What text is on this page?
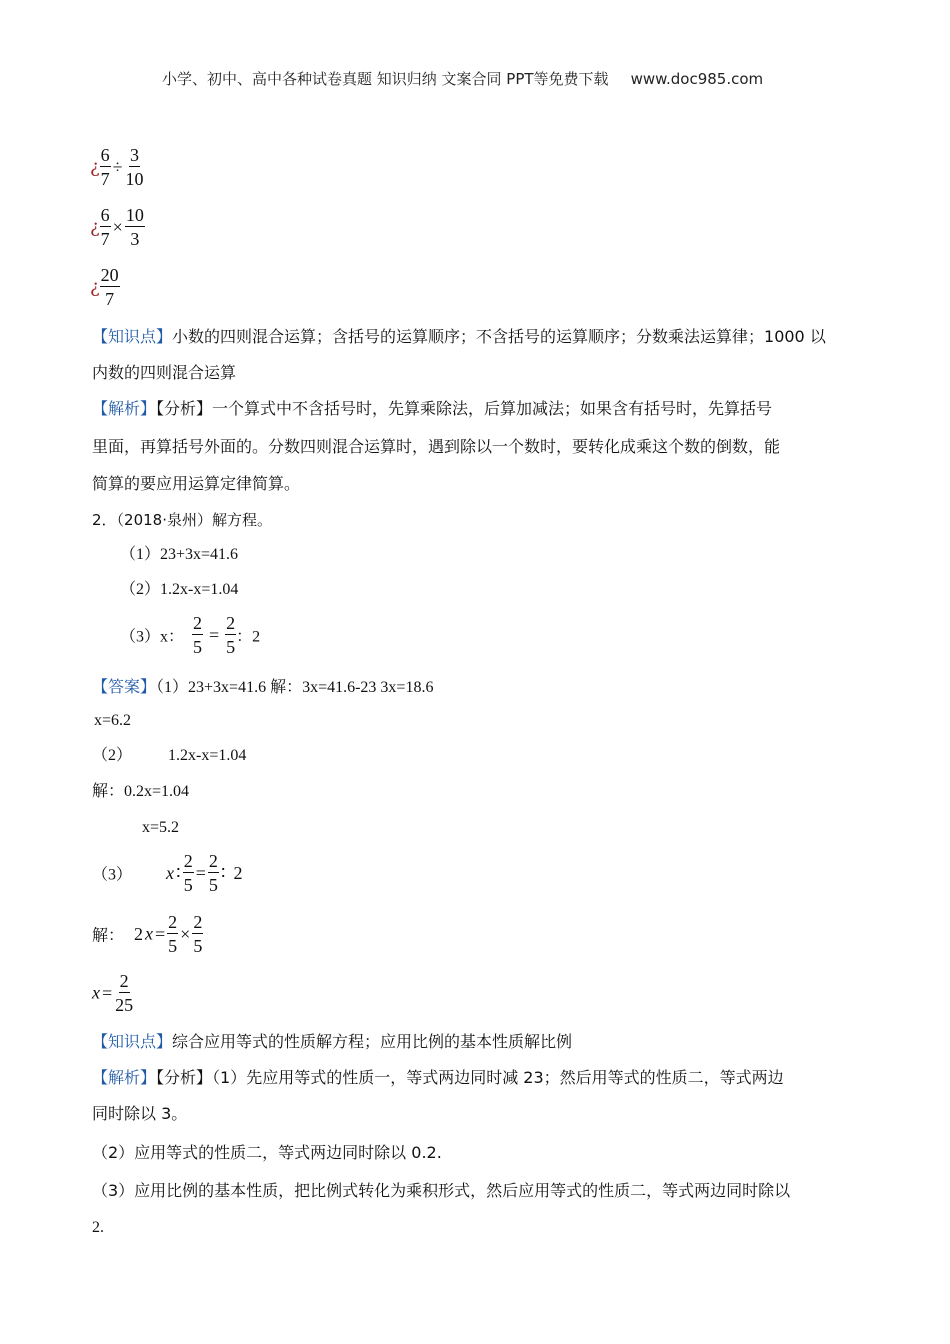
小学、初中、高中各种试卷真题 知识归纳 文案合同 PPT等免费下载 www.doc985.com
¿ $\frac{6}{7} \div \frac{3}{10}$
¿ $\frac{6}{7} \times \frac{10}{3}$
¿ $\frac{20}{7}$
【知识点】小数的四则混合运算；含括号的运算顺序；不含括号的运算顺序；分数乘法运算律；1000 以
内数的四则混合运算
【解析】【分析】一个算式中不含括号时，先算乘除法，后算加减法；如果含有括号时，先算括号
里面，再算括号外面的。分数四则混合运算时，遇到除以一个数时，要转化成乘这个数的倒数，能
简算的要应用运算定律简算。
2．（2018·泉州）解方程。
（1）23+3x=41.6
（2）1.2x-x=1.04
（3）x： $\frac{2}{5} = \frac{2}{5}$ ：2
【答案】（1）23+3x=41.6 解：3x=41.6-23 3x=18.6
x=6.2
（2） 1.2x-x=1.04
解：0.2x=1.04
x=5.2
（3） x ∶ $\frac{2}{5} = \frac{2}{5}$ ∶ 2
解： 2 $x = \frac{2}{5} \times \frac{2}{5}$
$x = \frac{2}{25}$
【知识点】综合应用等式的性质解方程；应用比例的基本性质解比例
【解析】【分析】（1）先应用等式的性质一，等式两边同时减 23；然后用等式的性质二，等式两边
同时除以 3。
（2）应用等式的性质二，等式两边同时除以 0.2.
（3）应用比例的基本性质，把比例式转化为乘积形式，然后应用等式的性质二，等式两边同时除以
2.
